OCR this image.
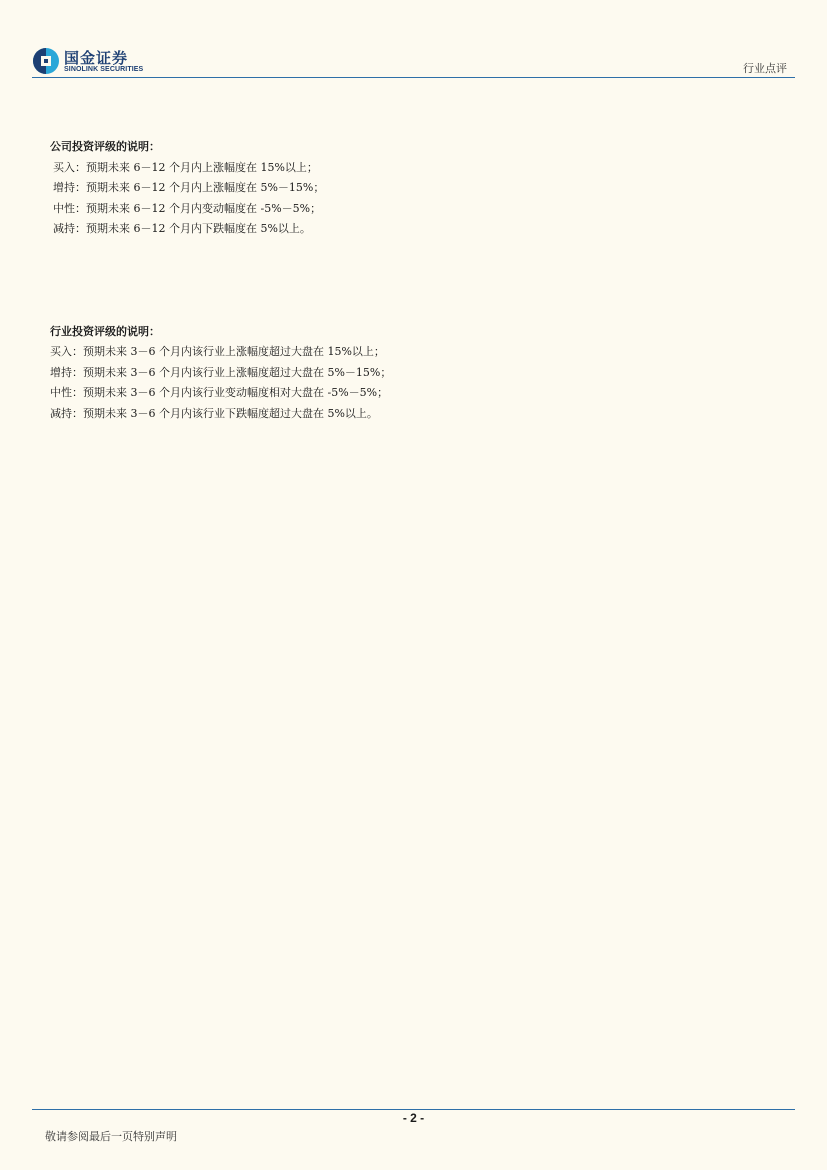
国金证券
SINOLINK SECURITIES	行业点评
公司投资评级的说明：
买入：预期未来 6－12 个月内上涨幅度在 15%以上；
增持：预期未来 6－12 个月内上涨幅度在 5%－15%；
中性：预期未来 6－12 个月内变动幅度在 -5%－5%；
减持：预期未来 6－12 个月内下跌幅度在 5%以上。
行业投资评级的说明：
买入：预期未来 3－6 个月内该行业上涨幅度超过大盘在 15%以上；
增持：预期未来 3－6 个月内该行业上涨幅度超过大盘在 5%－15%；
中性：预期未来 3－6 个月内该行业变动幅度相对大盘在 -5%－5%；
减持：预期未来 3－6 个月内该行业下跌幅度超过大盘在 5%以上。
- 2 -
敬请参阅最后一页特别声明
